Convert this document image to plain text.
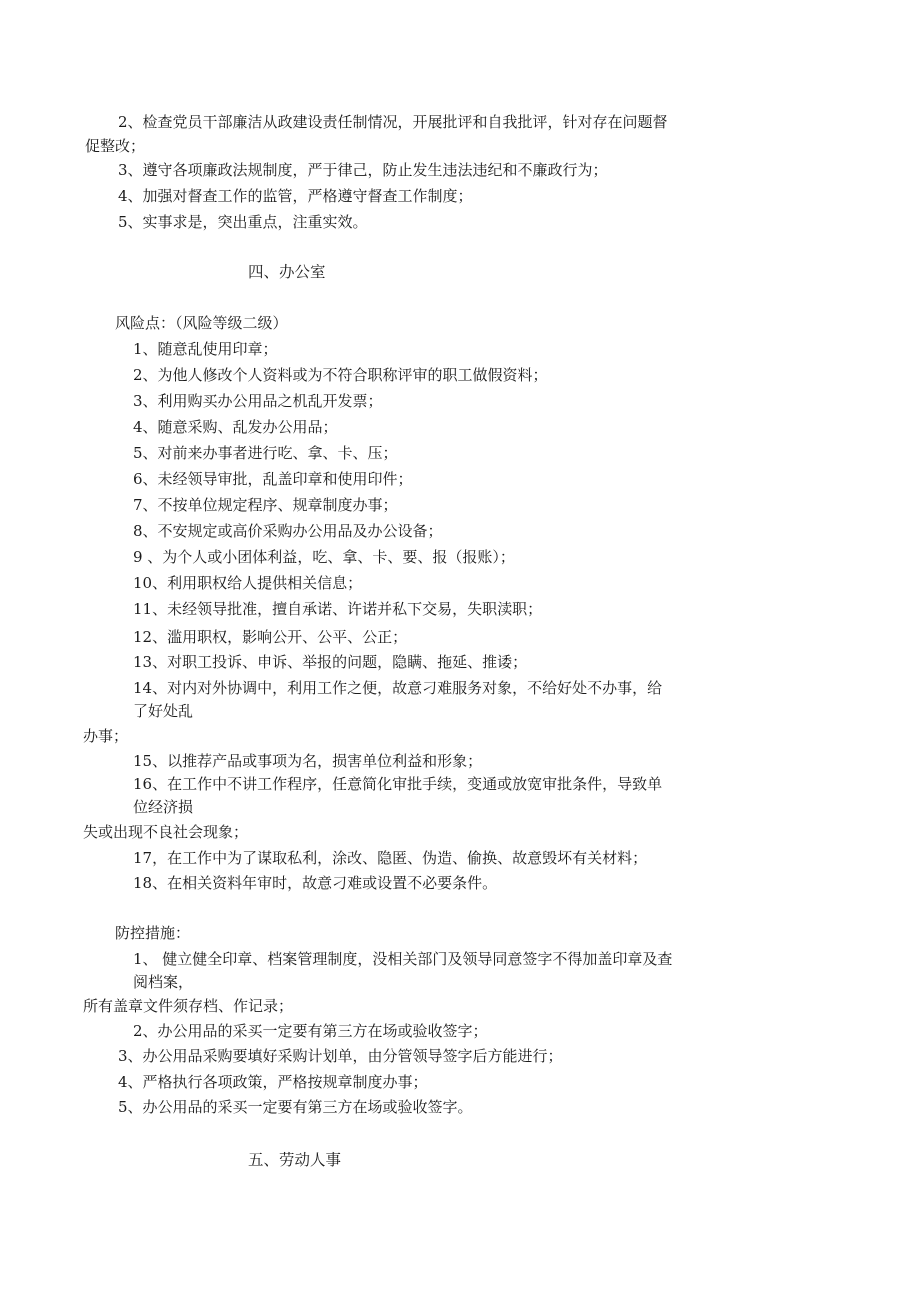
2、检查党员干部廉洁从政建设责任制情况，开展批评和自我批评，针对存在问题督
促整改；
3、遵守各项廉政法规制度，严于律己，防止发生违法违纪和不廉政行为；
4、加强对督查工作的监管，严格遵守督查工作制度；
5、实事求是，突出重点，注重实效。
四、办公室
风险点：（风险等级二级）
1、随意乱使用印章；
2、为他人修改个人资料或为不符合职称评审的职工做假资料；
3、利用购买办公用品之机乱开发票；
4、随意采购、乱发办公用品；
5、对前来办事者进行吃、拿、卡、压；
6、未经领导审批，乱盖印章和使用印件；
7、不按单位规定程序、规章制度办事；
8、不安规定或高价采购办公用品及办公设备；
9 、为个人或小团体利益，吃、拿、卡、要、报（报账）；
10、利用职权给人提供相关信息；
11、未经领导批准，擅自承诺、许诺并私下交易，失职渎职；
12、滥用职权，影响公开、公平、公正；
13、对职工投诉、申诉、举报的问题，隐瞒、拖延、推诿；
14、对内对外协调中，利用工作之便，故意刁难服务对象，不给好处不办事，给
了好处乱
办事；
15、以推荐产品或事项为名，损害单位利益和形象；
16、在工作中不讲工作程序，任意简化审批手续，变通或放宽审批条件，导致单
位经济损
失或出现不良社会现象；
17，在工作中为了谋取私利，涂改、隐匿、伪造、偷换、故意毁坏有关材料；
18、在相关资料年审时，故意刁难或设置不必要条件。
防控措施：
1、 健立健全印章、档案管理制度，没相关部门及领导同意签字不得加盖印章及查
阅档案，
所有盖章文件须存档、作记录；
2、办公用品的采买一定要有第三方在场或验收签字；
3、办公用品采购要填好采购计划单，由分管领导签字后方能进行；
4、严格执行各项政策，严格按规章制度办事；
5、办公用品的采买一定要有第三方在场或验收签字。
五、劳动人事
